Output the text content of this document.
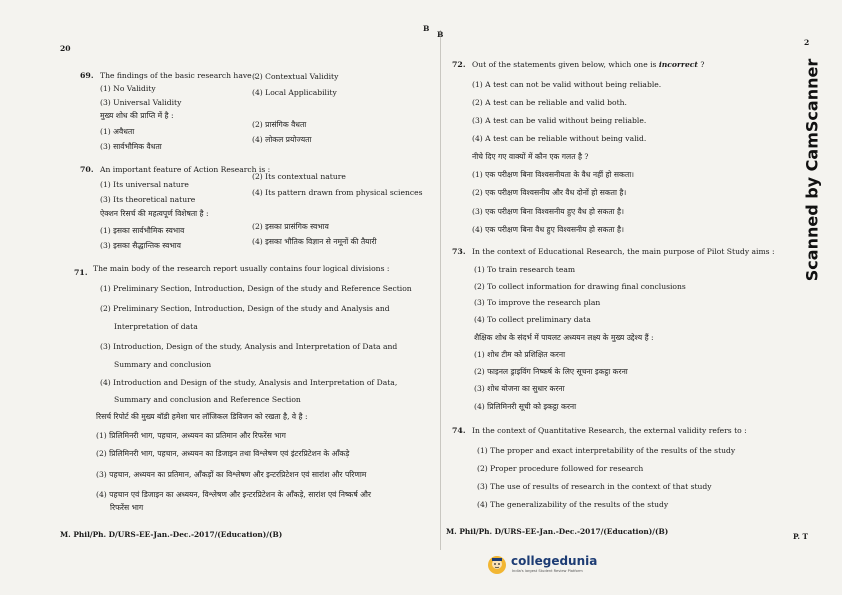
20
B
B
2
69. The findings of the basic research have :
(1) No Validity
(2) Contextual Validity
(3) Universal Validity
(4) Local Applicability
मुख्य शोध की प्राप्ति में है :
(1) अवैधता
(2) प्रासंगिक वैधता
(3) सार्वभौमिक वैधता
(4) लोकल प्रयोज्यता
70. An important feature of Action Research is :
(1) Its universal nature
(2) Its contextual nature
(3) Its theoretical nature
(4) Its pattern drawn from physical sciences
ऐक्शन रिसर्च की महत्वपूर्ण विशेषता है :
(1) इसका सार्वभौमिक स्वभाव	(2) इसका प्रासंगिक स्वभाव
(3) इसका सैद्धान्तिक स्वभाव	(4) इसका भौतिक विज्ञान से नमूनों की तैयारी
71. The main body of the research report usually contains four logical divisions :
(1) Preliminary Section, Introduction, Design of the study and Reference Section
(2) Preliminary Section, Introduction, Design of the study and Analysis and
Interpretation of data
(3) Introduction, Design of the study, Analysis and Interpretation of Data and
Summary and conclusion
(4) Introduction and Design of the study, Analysis and Interpretation of Data,
Summary and conclusion and Reference Section
रिसर्च रिपोर्ट की मुख्य बॉडी हमेशा चार लॉजिकल डिविजन को रखता है, वे है :
(1) प्रिलिमिनरी भाग, पहचान, अध्ययन का प्रतिमान और रिफरेंस भाग
(2) प्रिलिमिनरी भाग, पहचान, अध्ययन का डिजाइन तथा विश्लेषण एवं इंटरप्रिटेशन के आँकड़े
(3) पहचान, अध्ययन का प्रतिमान, आँकड़ों का विश्लेषण और इन्टरप्रिटेशन एवं सारांश और परिणाम
(4) पहचान एवं डिजाइन का अध्ययन, विश्लेषण और इन्टरप्रिटेशन के आँकड़े, सारांश एवं निष्कर्ष और
रिफरेंस भाग
72. Out of the statements given below, which one is incorrect ?
(1) A test can not be valid without being reliable.
(2) A test can be reliable and valid both.
(3) A test can be valid without being reliable.
(4) A test can be reliable without being valid.
नीचे दिए गए वाक्यों में कौन एक गलत है ?
(1) एक परीक्षण बिना विश्वसनीयता के वैध नहीं हो सकता।
(2) एक परीक्षण विश्वसनीय और वैध दोनों हो सकता है।
(3) एक परीक्षण बिना विश्वसनीय हुए वैध हो सकता है।
(4) एक परीक्षण बिना वैध हुए विश्वसनीय हो सकता है।
73. In the context of Educational Research, the main purpose of Pilot Study aims :
(1) To train research team
(2) To collect information for drawing final conclusions
(3) To improve the research plan
(4) To collect preliminary data
शैक्षिक शोध के संदर्भ में पायलट अध्ययन लक्ष्य के मुख्य उद्देश्य हैं :
(1) शोध टीम को प्रशिक्षित करना
(2) फाइनल ड्राइविंग निष्कर्ष के लिए सूचना इकट्ठा करना
(3) शोध योजना का सुधार करना
(4) प्रिलिमिनरी सूची को इकट्ठा करना
74. In the context of Quantitative Research, the external validity refers to :
(1) The proper and exact interpretability of the results of the study
(2) Proper procedure followed for research
(3) The use of results of research in the context of that study
(4) The generalizability of the results of the study
M. Phil/Ph. D/URS-EE-Jan.-Dec.-2017/(Education)/(B)	M. Phil/Ph. D/URS-EE-Jan.-Dec.-2017/(Education)/(B)
P. T
Scanned by CamScanner
collegedunia
India's largest Student Review Platform
